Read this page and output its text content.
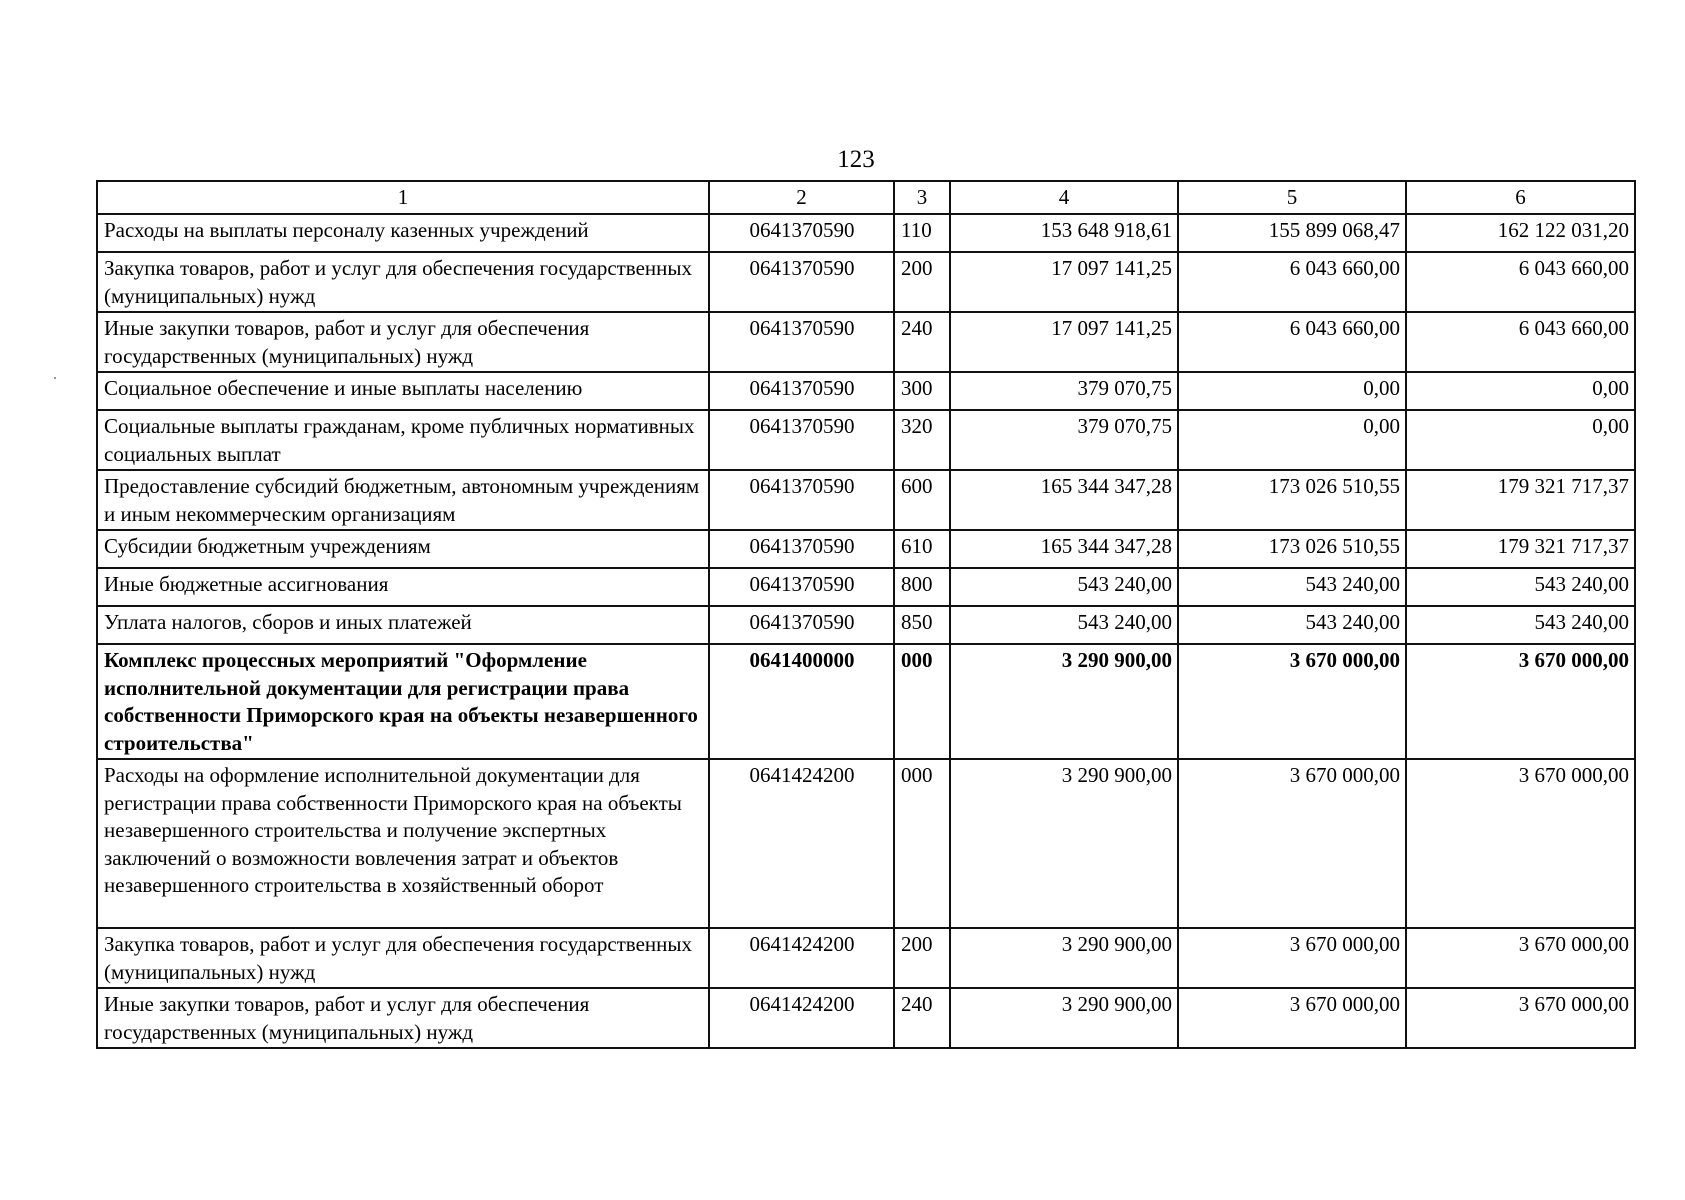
123
1	2	3	4	5	6
Расходы на выплаты персоналу казенных учреждений	0641370590	110	153 648 918,61	155 899 068,47	162 122 031,20
Закупка товаров, работ и услуг для обеспечения государственных (муниципальных) нужд	0641370590	200	17 097 141,25	6 043 660,00	6 043 660,00
Иные закупки товаров, работ и услуг для обеспечения государственных (муниципальных) нужд	0641370590	240	17 097 141,25	6 043 660,00	6 043 660,00
Социальное обеспечение и иные выплаты населению	0641370590	300	379 070,75	0,00	0,00
Социальные выплаты гражданам, кроме публичных нормативных социальных выплат	0641370590	320	379 070,75	0,00	0,00
Предоставление субсидий бюджетным, автономным учреждениям и иным некоммерческим организациям	0641370590	600	165 344 347,28	173 026 510,55	179 321 717,37
Субсидии бюджетным учреждениям	0641370590	610	165 344 347,28	173 026 510,55	179 321 717,37
Иные бюджетные ассигнования	0641370590	800	543 240,00	543 240,00	543 240,00
Уплата налогов, сборов и иных платежей	0641370590	850	543 240,00	543 240,00	543 240,00
Комплекс процессных мероприятий "Оформление исполнительной документации для регистрации права собственности Приморского края на объекты незавершенного строительства"	0641400000	000	3 290 900,00	3 670 000,00	3 670 000,00
Расходы на оформление исполнительной документации для регистрации права собственности Приморского края на объекты незавершенного строительства и получение экспертных заключений о возможности вовлечения затрат и объектов незавершенного строительства в хозяйственный оборот	0641424200	000	3 290 900,00	3 670 000,00	3 670 000,00
Закупка товаров, работ и услуг для обеспечения государственных (муниципальных) нужд	0641424200	200	3 290 900,00	3 670 000,00	3 670 000,00
Иные закупки товаров, работ и услуг для обеспечения государственных (муниципальных) нужд	0641424200	240	3 290 900,00	3 670 000,00	3 670 000,00
